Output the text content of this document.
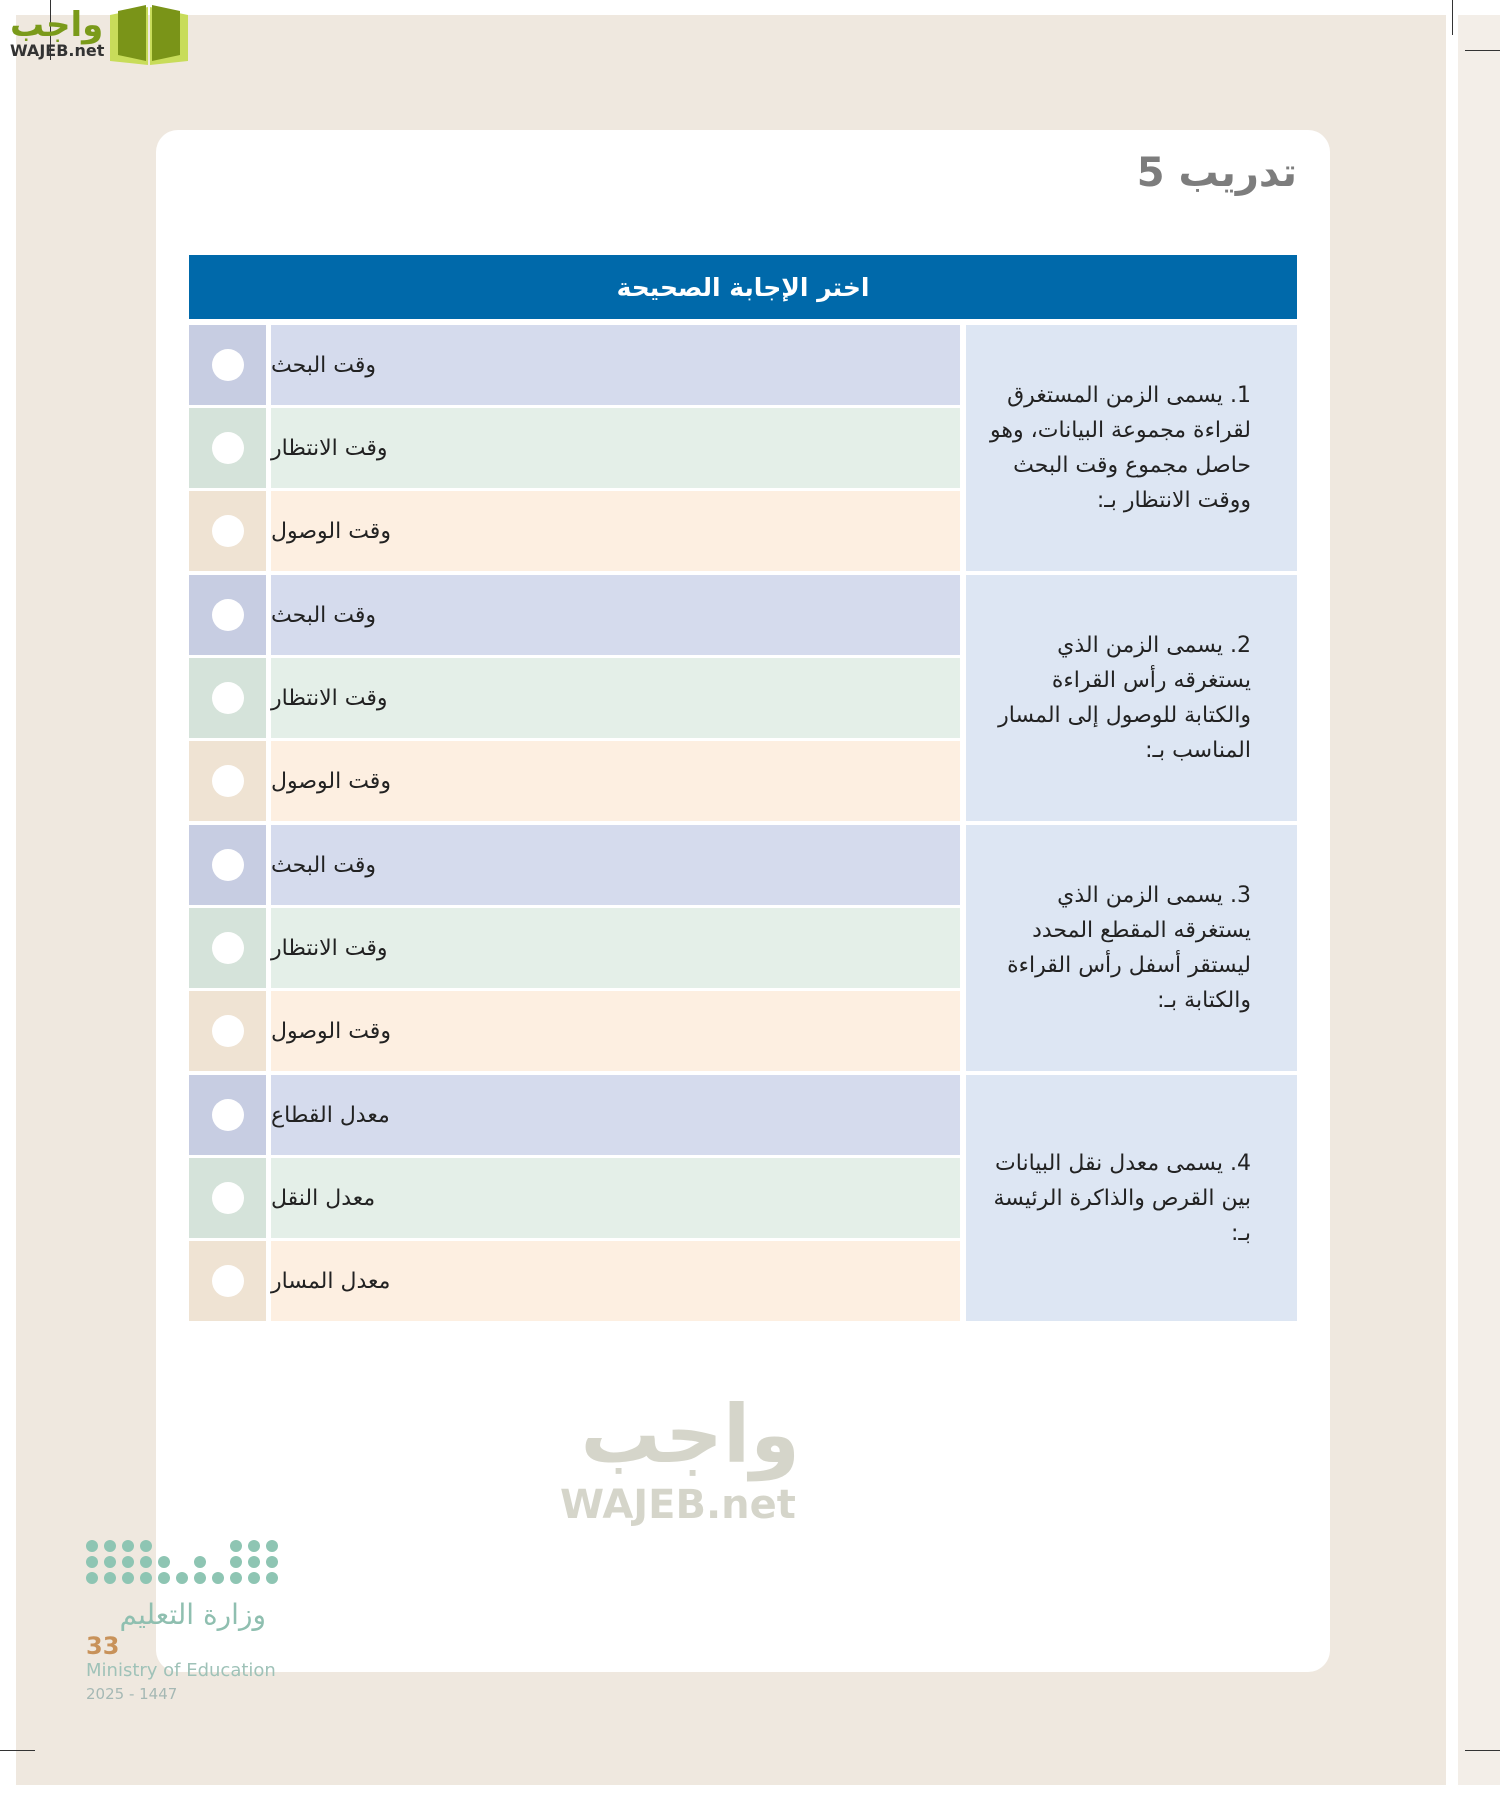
واجب
WAJEB.net
تدريب 5
اختر الإجابة الصحيحة
1. يسمى الزمن المستغرق لقراءة مجموعة البيانات، وهو حاصل مجموع وقت البحث ووقت الانتظار بـ:
وقت البحث
وقت الانتظار
وقت الوصول
2. يسمى الزمن الذي يستغرقه رأس القراءة والكتابة للوصول إلى المسار المناسب بـ:
وقت البحث
وقت الانتظار
وقت الوصول
3. يسمى الزمن الذي يستغرقه المقطع المحدد ليستقر أسفل رأس القراءة والكتابة بـ:
وقت البحث
وقت الانتظار
وقت الوصول
4. يسمى معدل نقل البيانات بين القرص والذاكرة الرئيسة بـ:
معدل القطاع
معدل النقل
معدل المسار
واجب
WAJEB.net
وزارة التعليم
33
Ministry of Education
2025 - 1447
